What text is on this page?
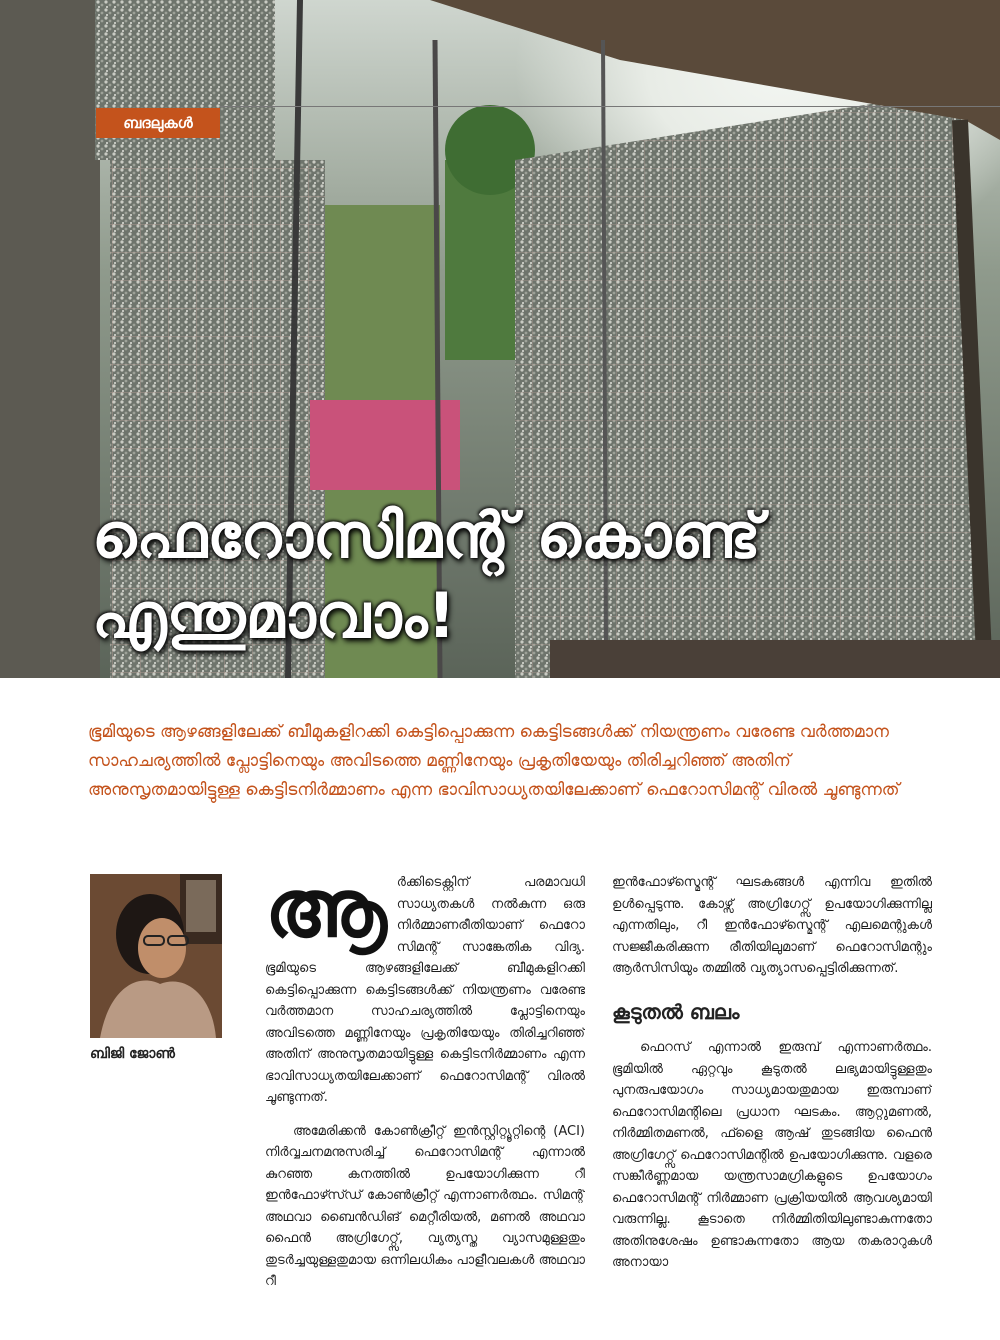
ബദലുകൾ
ഫെറോസിമന്റ് കൊണ്ട്
എന്തുമാവാം!

ഭൂമിയുടെ ആഴങ്ങളിലേക്ക് ബീമുകളിറക്കി കെട്ടിപ്പൊക്കുന്ന കെട്ടിടങ്ങൾക്ക് നിയന്ത്രണം വരേണ്ട വർത്തമാന സാഹചര്യത്തിൽ പ്ലോട്ടിനെയും അവിടത്തെ മണ്ണിനേയും പ്രകൃതിയേയും തിരിച്ചറിഞ്ഞ് അതിന് അനുസൃതമായിട്ടുള്ള കെട്ടിടനിർമ്മാണം എന്ന ഭാവിസാധ്യതയിലേക്കാണ് ഫെറോസിമന്റ് വിരൽ ചൂണ്ടുന്നത്

ബിജി ജോൺ

ആ ർക്കിടെക്റ്റിന് പരമാവധി സാധ്യതകൾ നൽകുന്ന ഒരു നിർമ്മാണരീതിയാണ് ഫെറോ സിമന്റ് സാങ്കേതിക വിദ്യ. ഭൂമിയുടെ ആഴങ്ങളിലേക്ക് ബീമുകളിറക്കി കെട്ടിപ്പൊക്കുന്ന കെട്ടിടങ്ങൾക്ക് നിയന്ത്രണം വരേണ്ട വർത്തമാന സാഹചര്യത്തിൽ പ്ലോട്ടിനെയും അവിടത്തെ മണ്ണിനേയും പ്രകൃതിയേയും തിരിച്ചറിഞ്ഞ് അതിന് അനുസൃതമായിട്ടുള്ള കെട്ടിടനിർമ്മാണം എന്ന ഭാവിസാധ്യതയിലേക്കാണ് ഫെറോസിമന്റ് വിരൽ ചൂണ്ടുന്നത്.

അമേരിക്കൻ കോൺക്രീറ്റ് ഇൻസ്റ്റിറ്റ്യൂറ്റിന്റെ (ACI) നിർവ്വചനമനുസരിച്ച് ഫെറോസിമന്റ് എന്നാൽ കുറഞ്ഞ കനത്തിൽ ഉപയോഗിക്കുന്ന റീ ഇൻഫോഴ്സ്ഡ് കോൺക്രീറ്റ് എന്നാണർത്ഥം. സിമന്റ് അഥവാ ബൈൻഡിങ് മെറ്റീരിയൽ, മണൽ അഥവാ ഫൈൻ അഗ്രിഗേറ്റ്സ്, വ്യത്യസ്ത വ്യാസമുള്ളതും തുടർച്ചയുള്ളതുമായ ഒന്നിലധികം പാളീവലകൾ അഥവാ റീ

ഇൻഫോഴ്സ്മെന്റ് ഘടകങ്ങൾ എന്നിവ ഇതിൽ ഉൾപ്പെടുന്നു. കോഴ്സ് അഗ്രിഗേറ്റ്സ് ഉപയോഗിക്കുന്നില്ല എന്നതിലും, റീ ഇൻഫോഴ്സ്മെന്റ് എലമെന്റുകൾ സജ്ജീകരിക്കുന്ന രീതിയിലുമാണ് ഫെറോസിമന്റും ആർസിസിയും തമ്മിൽ വ്യത്യാസപ്പെട്ടിരിക്കുന്നത്.

കൂടുതൽ ബലം

ഫെറസ് എന്നാൽ ഇരുമ്പ് എന്നാണർത്ഥം. ഭൂമിയിൽ ഏറ്റവും കൂടുതൽ ലഭ്യമായിട്ടുള്ളതും പുനരുപയോഗം സാധ്യമായതുമായ ഇരുമ്പാണ് ഫെറോസിമന്റിലെ പ്രധാന ഘടകം. ആറ്റുമണൽ, നിർമ്മിതമണൽ, ഫ്ളൈ ആഷ് തുടങ്ങിയ ഫൈൻ അഗ്രിഗേറ്റ്സ് ഫെറോസിമന്റിൽ ഉപയോഗിക്കുന്നു. വളരെ സങ്കീർണ്ണമായ യന്ത്രസാമഗ്രികളുടെ ഉപയോഗം ഫെറോസിമന്റ് നിർമ്മാണ പ്രക്രിയയിൽ ആവശ്യമായി വരുന്നില്ല. കൂടാതെ നിർമ്മിതിയിലുണ്ടാകുന്നതോ അതിനുശേഷം ഉണ്ടാകുന്നതോ ആയ തകരാറുകൾ അനായാ
